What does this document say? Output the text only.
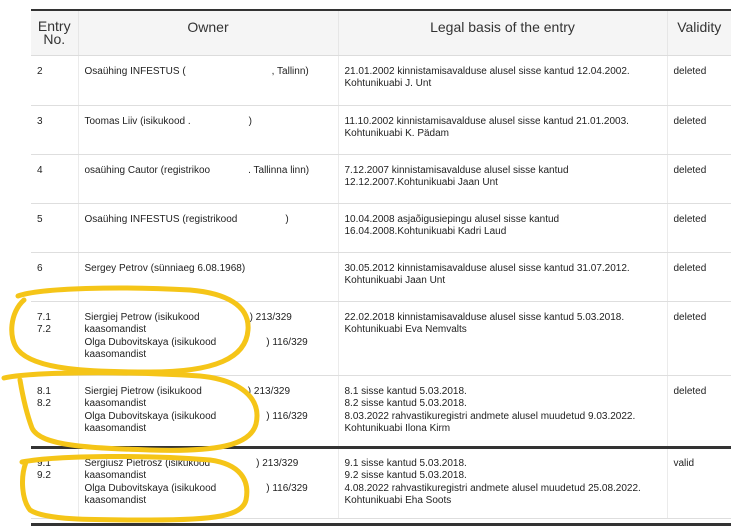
Entry No.	Owner	Legal basis of the entry	Validity
2	Osaühing INFESTUS ( , Tallinn)	21.01.2002 kinnistamisavalduse alusel sisse kantud 12.04.2002.
Kohtunikuabi J. Unt	deleted
3	Toomas Liiv (isikukood . )	11.10.2002 kinnistamisavalduse alusel sisse kantud 21.01.2003.
Kohtunikuabi K. Pädam	deleted
4	osaühing Cautor (registrikoo . Tallinna linn)	7.12.2007 kinnistamisavalduse alusel sisse kantud
12.12.2007.Kohtunikuabi Jaan Unt	deleted
5	Osaühing INFESTUS (registrikood )	10.04.2008 asjaõigusiepingu alusel sisse kantud
16.04.2008.Kohtunikuabi Kadri Laud	deleted
6	Sergey Petrov (sünniaeg 6.08.1968)	30.05.2012 kinnistamisavalduse alusel sisse kantud 31.07.2012.
Kohtunikuabi Jaan Unt	deleted

7.1
7.2	Siergiej Petrow (isikukood ) 213/329
kaasomandist
Olga Dubovitskaya (isikukood ) 116/329
kaasomandist	22.02.2018 kinnistamisavalduse alusel sisse kantud 5.03.2018.
Kohtunikuabi Eva Nemvalts	deleted

8.1
8.2	Siergiej Pietrow (isikukood ) 213/329
kaasomandist
Olga Dubovitskaya (isikukood ) 116/329
kaasomandist	8.1 sisse kantud 5.03.2018.
8.2 sisse kantud 5.03.2018.
8.03.2022 rahvastikuregistri andmete alusel muudetud 9.03.2022.
Kohtunikuabi Ilona Kirm	deleted

9.1
9.2	Sergiusz Pietrosz (isikukood ) 213/329
kaasomandist
Olga Dubovitskaya (isikukood ) 116/329
kaasomandist	9.1 sisse kantud 5.03.2018.
9.2 sisse kantud 5.03.2018.
4.08.2022 rahvastikuregistri andmete alusel muudetud 25.08.2022.
Kohtunikuabi Eha Soots	valid
